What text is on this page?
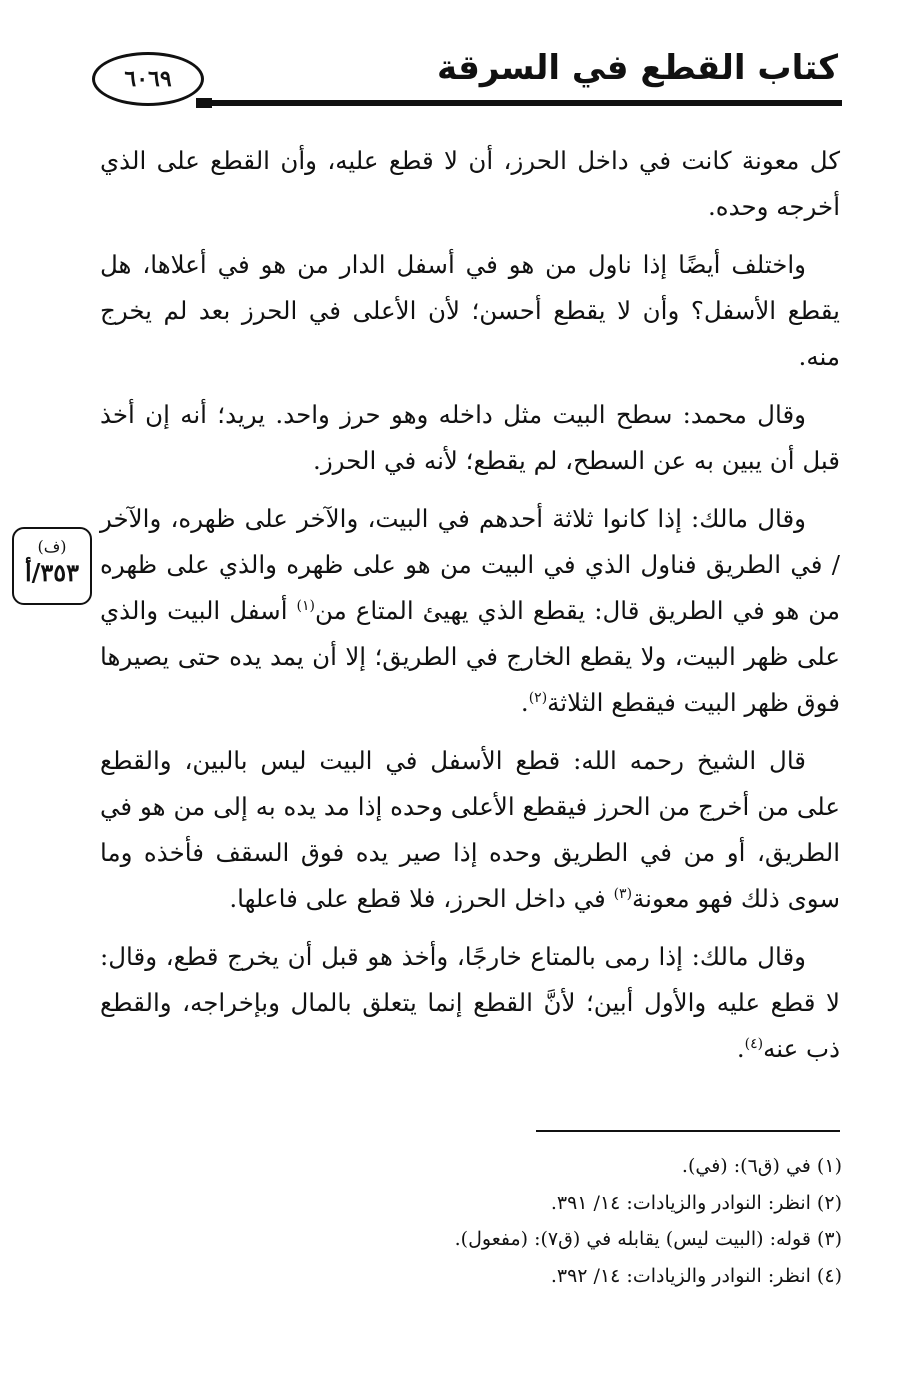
كتاب القطع في السرقة
٦٠٦٩
(ف)
٣٥٣/أ

كل معونة كانت في داخل الحرز، أن لا قطع عليه، وأن القطع على الذي أخرجه وحده.

واختلف أيضًا إذا ناول من هو في أسفل الدار من هو في أعلاها، هل يقطع الأسفل؟ وأن لا يقطع أحسن؛ لأن الأعلى في الحرز بعد لم يخرج منه.

وقال محمد: سطح البيت مثل داخله وهو حرز واحد. يريد؛ أنه إن أخذ قبل أن يبين به عن السطح، لم يقطع؛ لأنه في الحرز.

وقال مالك: إذا كانوا ثلاثة أحدهم في البيت، والآخر على ظهره، والآخر / في الطريق فناول الذي في البيت من هو على ظهره والذي على ظهره من هو في الطريق قال: يقطع الذي يهيئ المتاع من$^{(١)}$ أسفل البيت والذي على ظهر البيت، ولا يقطع الخارج في الطريق؛ إلا أن يمد يده حتى يصيرها فوق ظهر البيت فيقطع الثلاثة$^{(٢)}$.

قال الشيخ رحمه الله: قطع الأسفل في البيت ليس بالبين، والقطع على من أخرج من الحرز فيقطع الأعلى وحده إذا مد يده به إلى من هو في الطريق، أو من في الطريق وحده إذا صير يده فوق السقف فأخذه وما سوى ذلك فهو معونة$^{(٣)}$ في داخل الحرز، فلا قطع على فاعلها.

وقال مالك: إذا رمى بالمتاع خارجًا، وأخذ هو قبل أن يخرج قطع، وقال: لا قطع عليه والأول أبين؛ لأنَّ القطع إنما يتعلق بالمال وبإخراجه، والقطع ذب عنه$^{(٤)}$.

(١) في (ق٦): (في).

(٢) انظر: النوادر والزيادات: ١٤/ ٣٩١.

(٣) قوله: (البيت ليس) يقابله في (ق٧): (مفعول).

(٤) انظر: النوادر والزيادات: ١٤/ ٣٩٢.
